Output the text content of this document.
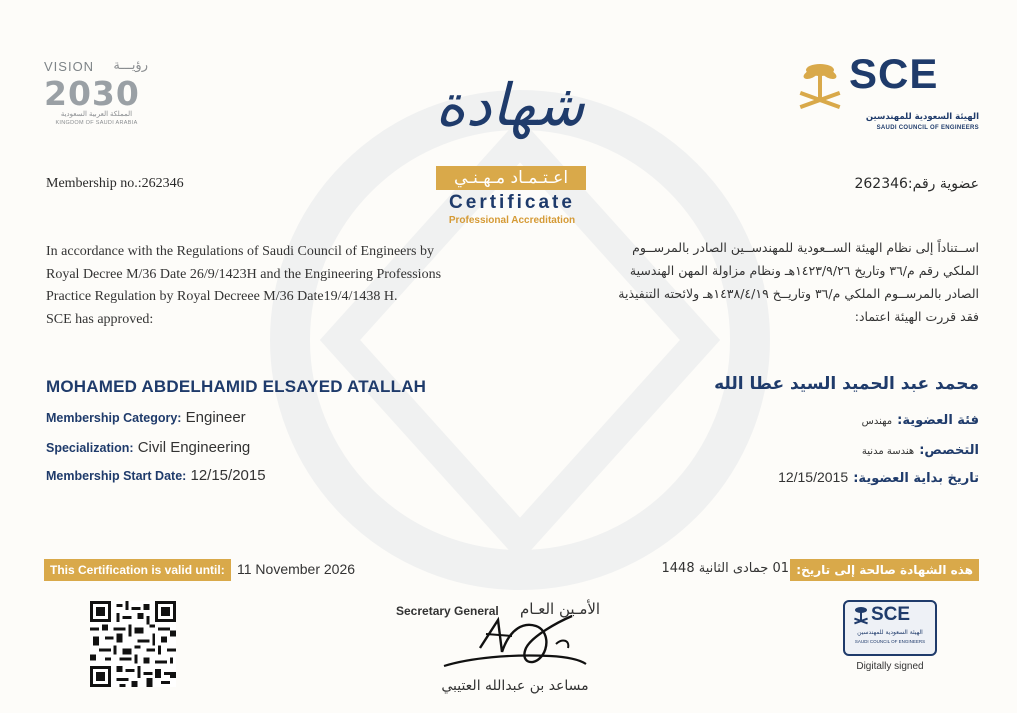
VISION رؤيـــة
2030
المملكة العربية السعودية
KINGDOM OF SAUDI ARABIA
SCE
الهيئة السعودية للمهندسين
SAUDI COUNCIL OF ENGINEERS
شهادة
اعـتـمـاد مـهـنـي
Certificate
Professional Accreditation
Membership no.:262346	عضوية رقم:262346
In accordance with the Regulations of Saudi Council of Engineers by
Royal Decree M/36 Date 26/9/1423H and the Engineering Professions
Practice Regulation by Royal Decreee M/36 Date19/4/1438 H.
SCE has approved:
اســتناداً إلى نظام الهيئة الســعودية للمهندســين الصادر بالمرســوم
الملكي رقم م/٣٦ وتاريخ ١٤٢٣/٩/٢٦هـ ونظام مزاولة المهن الهندسية
الصادر بالمرســوم الملكي م/٣٦ وتاريــخ ١٤٣٨/٤/١٩هـ ولائحته التنفيذية
فقد قررت الهيئة اعتماد:
MOHAMED ABDELHAMID ELSAYED ATALLAH	محمد عبد الحميد السيد عطا الله
Membership Category: Engineer
Specialization: Civil Engineering
Membership Start Date: 12/15/2015
فئة العضوية: مهندس
التخصص: هندسة مدنية
تاريخ بداية العضوية: 12/15/2015
This Certification is valid until: 11 November 2026	هذه الشهادة صالحة إلى تاريخ:
01 جمادى الثانية 1448
Secretary General الأمـين العـام
مساعد بن عبدالله العتيبي
SCE
الهيئة السعودية للمهندسين
SAUDI COUNCIL OF ENGINEERS
Digitally signed
